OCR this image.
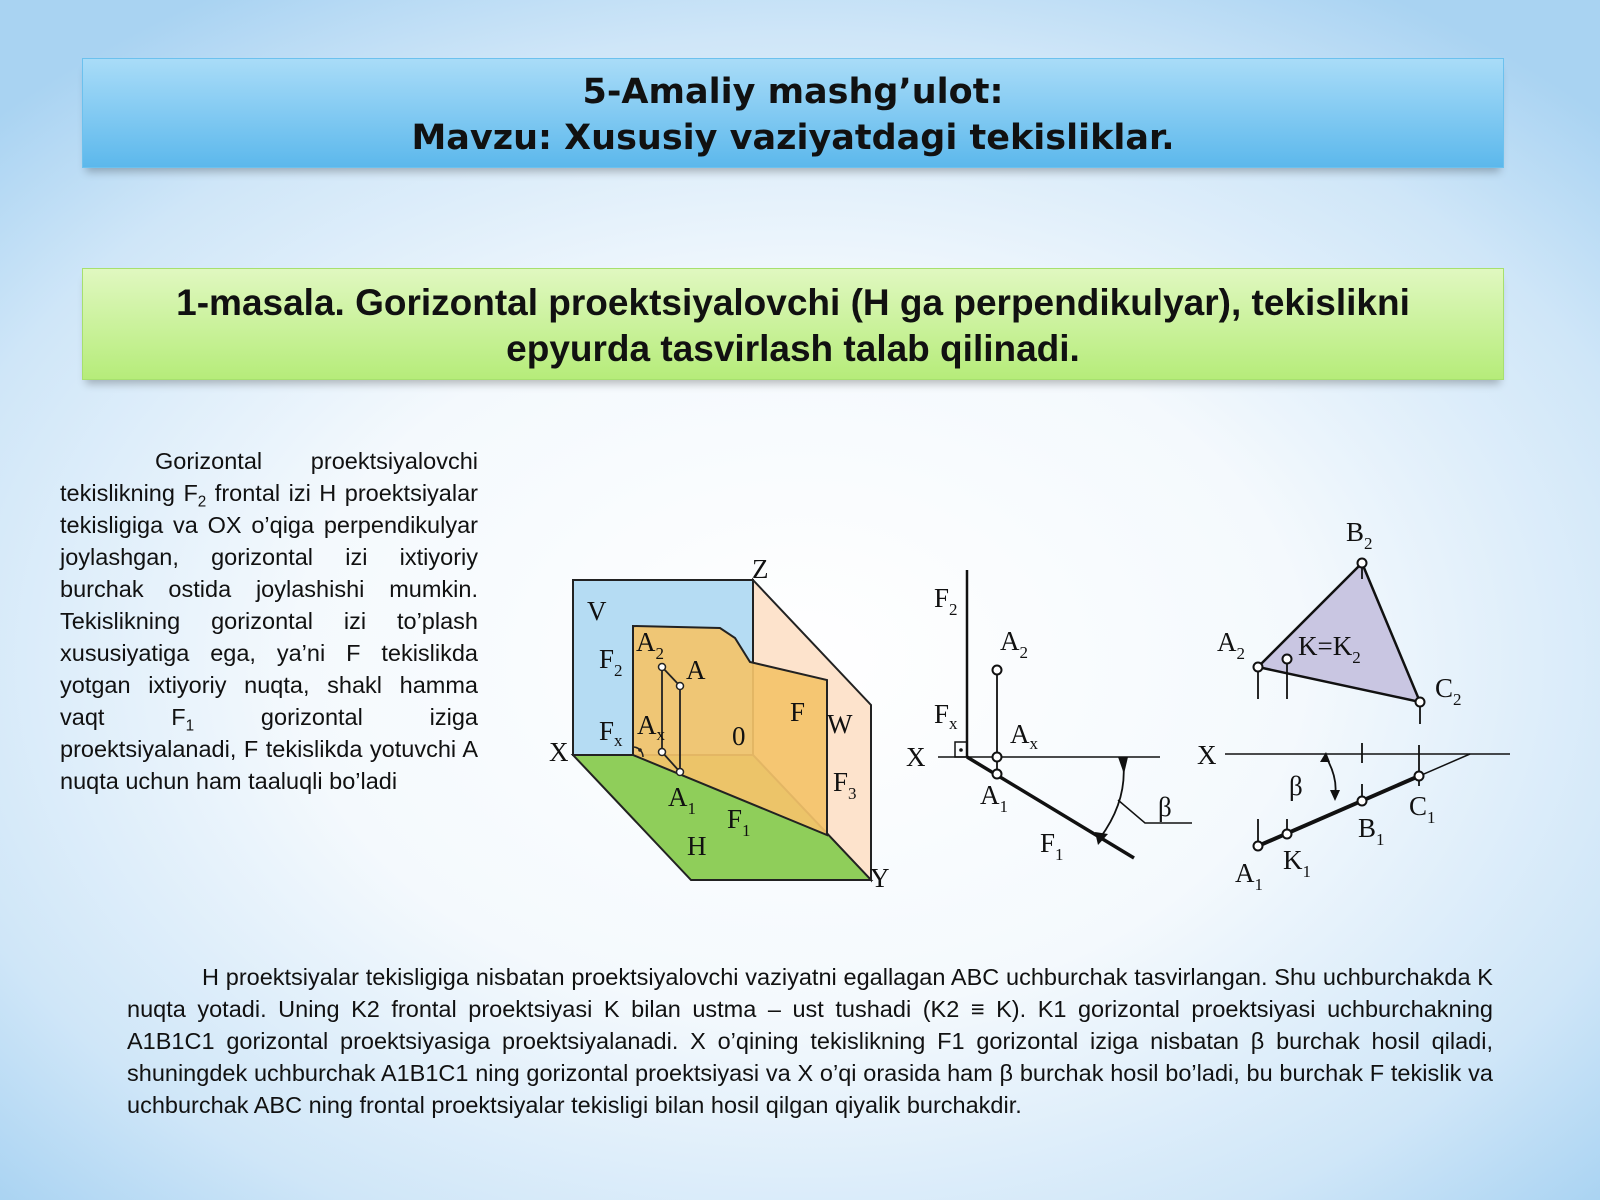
5-Amaliy mashg’ulot:
Mavzu: Xususiy vaziyatdagi tekisliklar.
1-masala. Gorizontal proektsiyalovchi (H ga perpendikulyar), tekislikni
epyurda tasvirlash talab qilinadi.
Gorizontal proektsiyalovchi tekislikning $F_2$ frontal izi H proektsiyalar tekisligiga va OX o’qiga perpendikulyar joylashgan, gorizontal izi ixtiyoriy burchak ostida joylashishi mumkin. Tekislikning gorizontal izi to’plash xususiyatiga ega, ya’ni F tekislikda yotgan ixtiyoriy nuqta, shakl hamma vaqt $F_1$ gorizontal iziga proektsiyalanadi, F tekislikda yotuvchi A nuqta uchun ham taaluqli bo’ladi
Z
V
$F_2$
$A_2$
A
F W
0
$F_x$
$A_x$
X
$F_3$
$A_1$ $F_1$
H
Y
$F_2$
$A_2$
$F_x$ $A_x$
X
$A_1$	β
$F_1$
$B_2$
$A_2$ $K=K_2$
$C_2$
X
β
$C_1$
$B_1$
$K_1$
$A_1$
H proektsiyalar tekisligiga nisbatan proektsiyalovchi vaziyatni egallagan ABC uchburchak tasvirlangan. Shu uchburchakda K nuqta yotadi. Uning K2 frontal proektsiyasi K bilan ustma – ust tushadi (K2 ≡ K). K1 gorizontal proektsiyasi uchburchakning A1B1C1 gorizontal proektsiyasiga proektsiyalanadi. X o’qining tekislikning F1 gorizontal iziga nisbatan β burchak hosil qiladi, shuningdek uchburchak A1B1C1 ning gorizontal proektsiyasi va X o’qi orasida ham β burchak hosil bo’ladi, bu burchak F tekislik va uchburchak ABC ning frontal proektsiyalar tekisligi bilan hosil qilgan qiyalik burchakdir.
